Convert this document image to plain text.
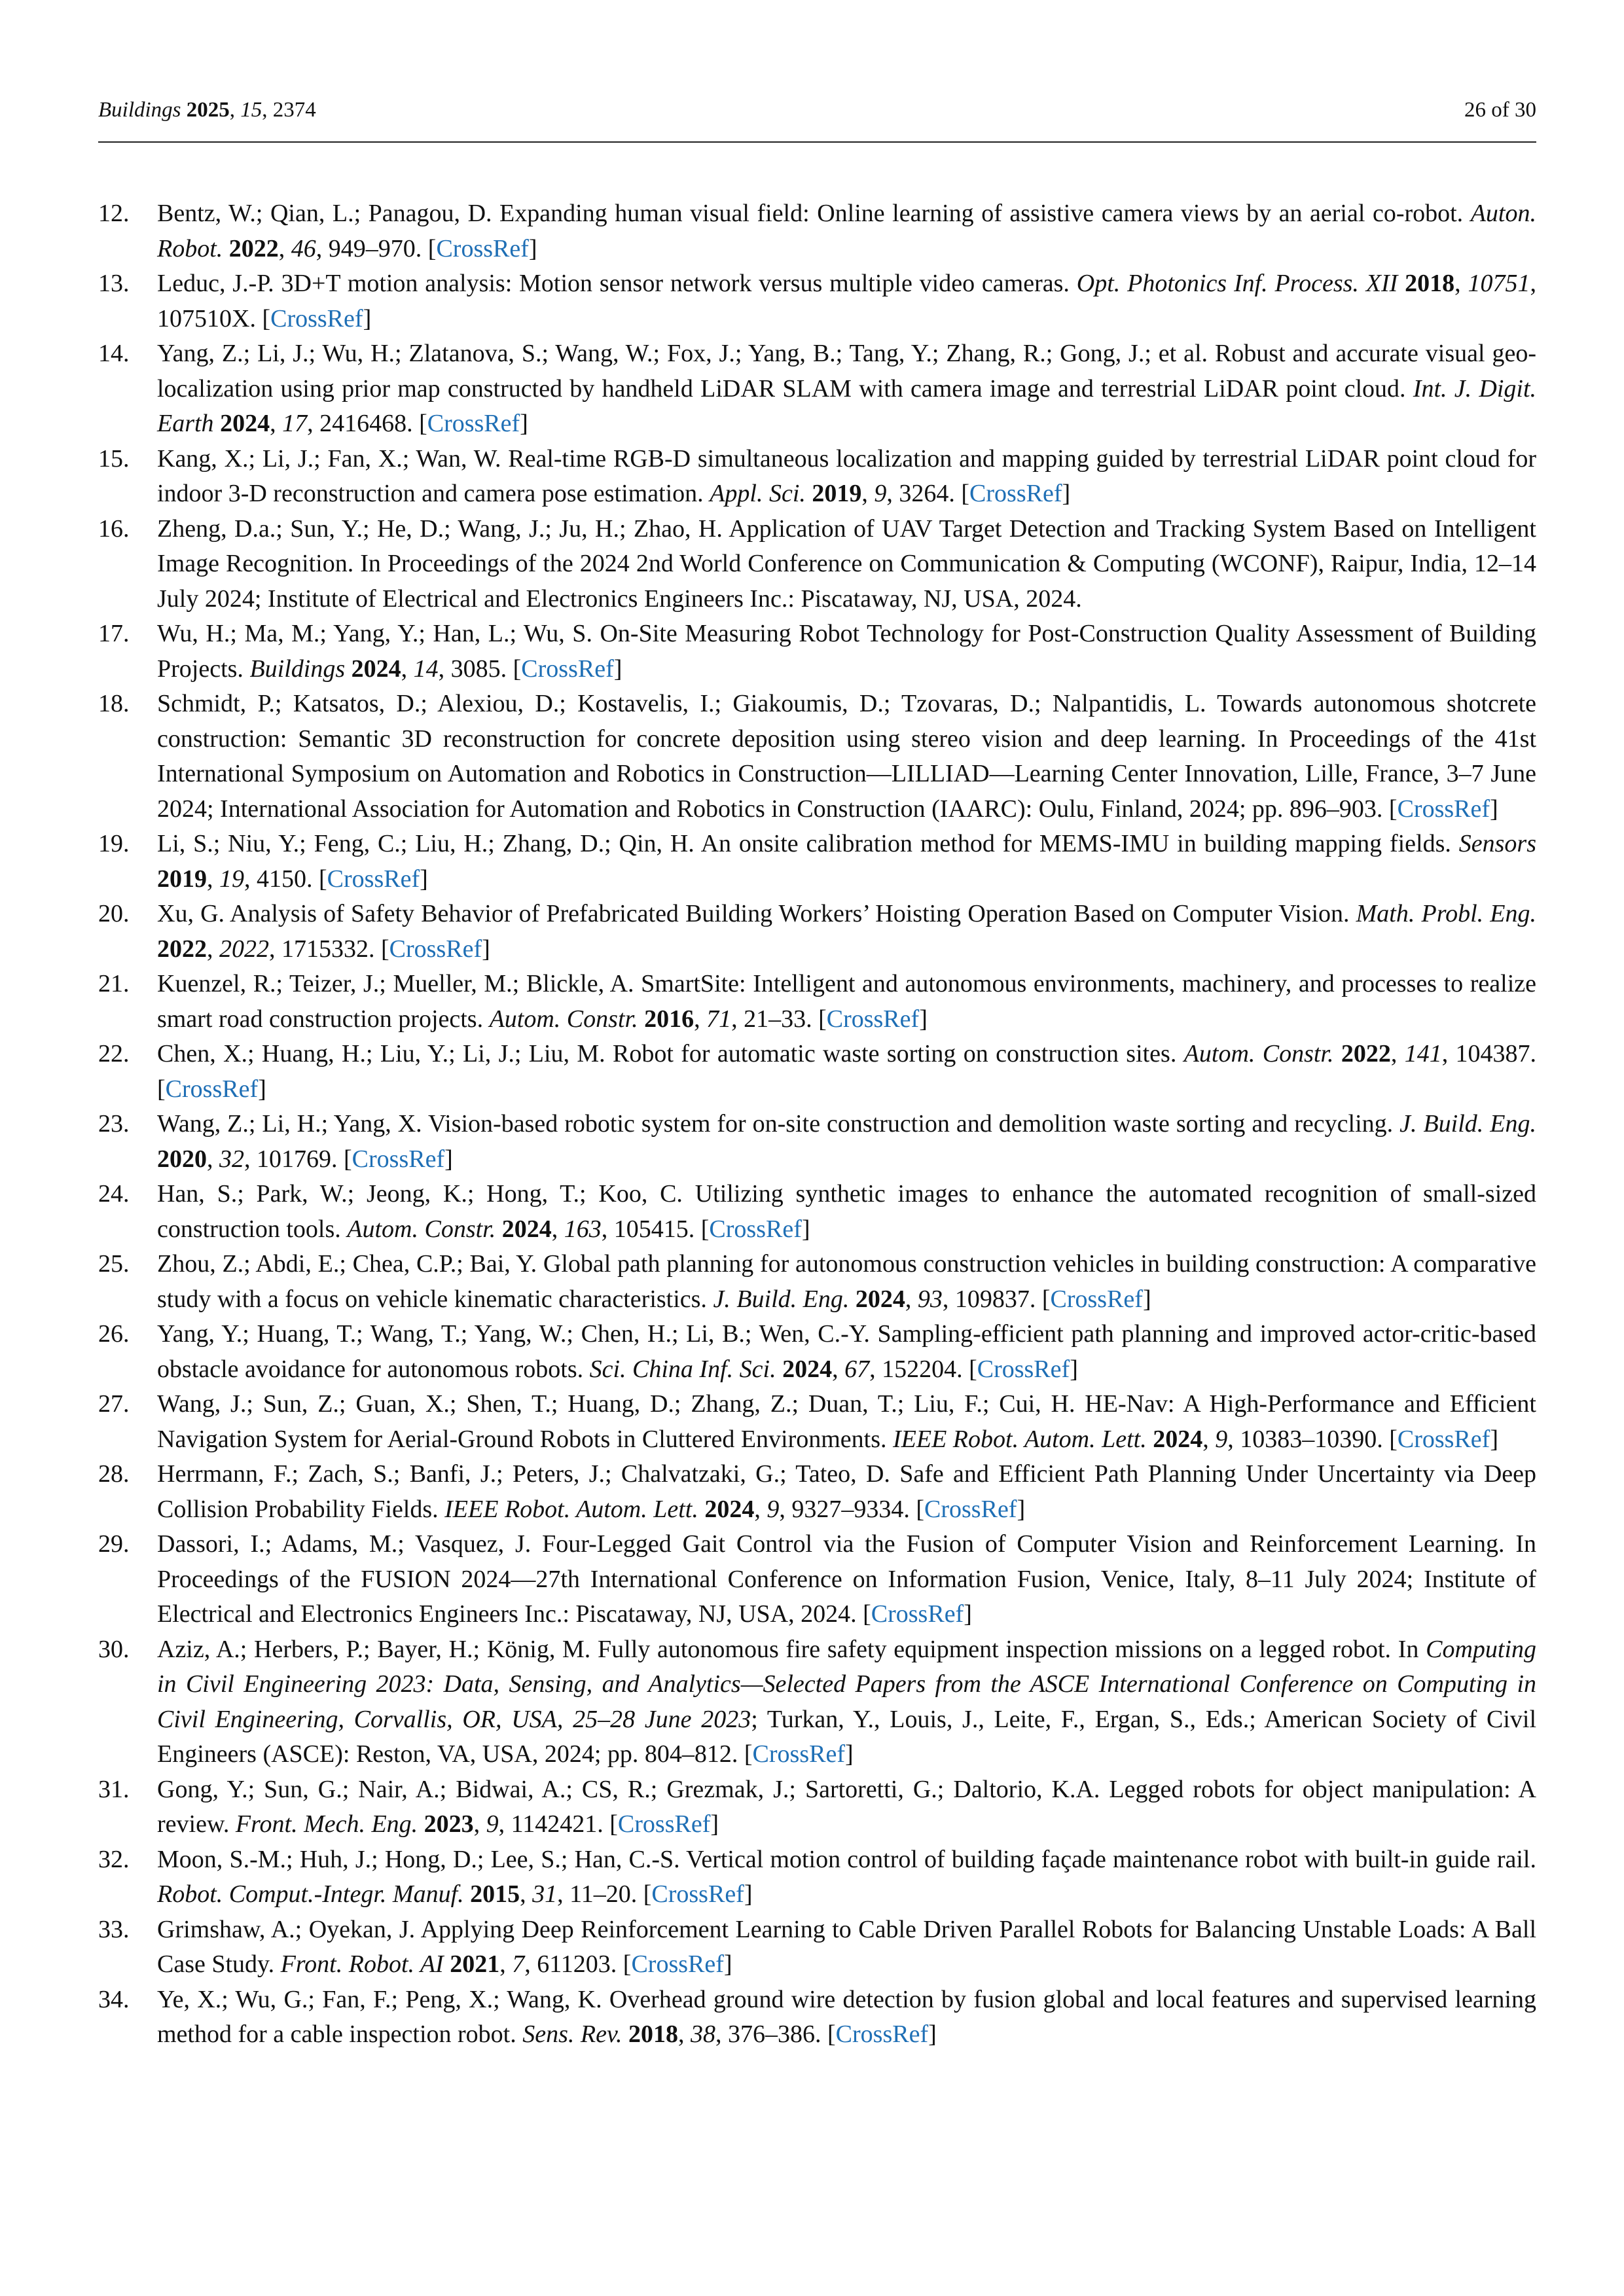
Buildings 2025, 15, 2374	26 of 30
12. Bentz, W.; Qian, L.; Panagou, D. Expanding human visual field: Online learning of assistive camera views by an aerial co-robot. Auton. Robot. 2022, 46, 949–970. [CrossRef]
13. Leduc, J.-P. 3D+T motion analysis: Motion sensor network versus multiple video cameras. Opt. Photonics Inf. Process. XII 2018, 10751, 107510X. [CrossRef]
14. Yang, Z.; Li, J.; Wu, H.; Zlatanova, S.; Wang, W.; Fox, J.; Yang, B.; Tang, Y.; Zhang, R.; Gong, J.; et al. Robust and accurate visual geo-localization using prior map constructed by handheld LiDAR SLAM with camera image and terrestrial LiDAR point cloud. Int. J. Digit. Earth 2024, 17, 2416468. [CrossRef]
15. Kang, X.; Li, J.; Fan, X.; Wan, W. Real-time RGB-D simultaneous localization and mapping guided by terrestrial LiDAR point cloud for indoor 3-D reconstruction and camera pose estimation. Appl. Sci. 2019, 9, 3264. [CrossRef]
16. Zheng, D.a.; Sun, Y.; He, D.; Wang, J.; Ju, H.; Zhao, H. Application of UAV Target Detection and Tracking System Based on Intelligent Image Recognition. In Proceedings of the 2024 2nd World Conference on Communication & Computing (WCONF), Raipur, India, 12–14 July 2024; Institute of Electrical and Electronics Engineers Inc.: Piscataway, NJ, USA, 2024.
17. Wu, H.; Ma, M.; Yang, Y.; Han, L.; Wu, S. On-Site Measuring Robot Technology for Post-Construction Quality Assessment of Building Projects. Buildings 2024, 14, 3085. [CrossRef]
18. Schmidt, P.; Katsatos, D.; Alexiou, D.; Kostavelis, I.; Giakoumis, D.; Tzovaras, D.; Nalpantidis, L. Towards autonomous shotcrete construction: Semantic 3D reconstruction for concrete deposition using stereo vision and deep learning. In Proceedings of the 41st International Symposium on Automation and Robotics in Construction—LILLIAD—Learning Center Innovation, Lille, France, 3–7 June 2024; International Association for Automation and Robotics in Construction (IAARC): Oulu, Finland, 2024; pp. 896–903. [CrossRef]
19. Li, S.; Niu, Y.; Feng, C.; Liu, H.; Zhang, D.; Qin, H. An onsite calibration method for MEMS-IMU in building mapping fields. Sensors 2019, 19, 4150. [CrossRef]
20. Xu, G. Analysis of Safety Behavior of Prefabricated Building Workers’ Hoisting Operation Based on Computer Vision. Math. Probl. Eng. 2022, 2022, 1715332. [CrossRef]
21. Kuenzel, R.; Teizer, J.; Mueller, M.; Blickle, A. SmartSite: Intelligent and autonomous environments, machinery, and processes to realize smart road construction projects. Autom. Constr. 2016, 71, 21–33. [CrossRef]
22. Chen, X.; Huang, H.; Liu, Y.; Li, J.; Liu, M. Robot for automatic waste sorting on construction sites. Autom. Constr. 2022, 141, 104387. [CrossRef]
23. Wang, Z.; Li, H.; Yang, X. Vision-based robotic system for on-site construction and demolition waste sorting and recycling. J. Build. Eng. 2020, 32, 101769. [CrossRef]
24. Han, S.; Park, W.; Jeong, K.; Hong, T.; Koo, C. Utilizing synthetic images to enhance the automated recognition of small-sized construction tools. Autom. Constr. 2024, 163, 105415. [CrossRef]
25. Zhou, Z.; Abdi, E.; Chea, C.P.; Bai, Y. Global path planning for autonomous construction vehicles in building construction: A comparative study with a focus on vehicle kinematic characteristics. J. Build. Eng. 2024, 93, 109837. [CrossRef]
26. Yang, Y.; Huang, T.; Wang, T.; Yang, W.; Chen, H.; Li, B.; Wen, C.-Y. Sampling-efficient path planning and improved actor-critic-based obstacle avoidance for autonomous robots. Sci. China Inf. Sci. 2024, 67, 152204. [CrossRef]
27. Wang, J.; Sun, Z.; Guan, X.; Shen, T.; Huang, D.; Zhang, Z.; Duan, T.; Liu, F.; Cui, H. HE-Nav: A High-Performance and Efficient Navigation System for Aerial-Ground Robots in Cluttered Environments. IEEE Robot. Autom. Lett. 2024, 9, 10383–10390. [CrossRef]
28. Herrmann, F.; Zach, S.; Banfi, J.; Peters, J.; Chalvatzaki, G.; Tateo, D. Safe and Efficient Path Planning Under Uncertainty via Deep Collision Probability Fields. IEEE Robot. Autom. Lett. 2024, 9, 9327–9334. [CrossRef]
29. Dassori, I.; Adams, M.; Vasquez, J. Four-Legged Gait Control via the Fusion of Computer Vision and Reinforcement Learning. In Proceedings of the FUSION 2024—27th International Conference on Information Fusion, Venice, Italy, 8–11 July 2024; Institute of Electrical and Electronics Engineers Inc.: Piscataway, NJ, USA, 2024. [CrossRef]
30. Aziz, A.; Herbers, P.; Bayer, H.; König, M. Fully autonomous fire safety equipment inspection missions on a legged robot. In Computing in Civil Engineering 2023: Data, Sensing, and Analytics—Selected Papers from the ASCE International Conference on Computing in Civil Engineering, Corvallis, OR, USA, 25–28 June 2023; Turkan, Y., Louis, J., Leite, F., Ergan, S., Eds.; American Society of Civil Engineers (ASCE): Reston, VA, USA, 2024; pp. 804–812. [CrossRef]
31. Gong, Y.; Sun, G.; Nair, A.; Bidwai, A.; CS, R.; Grezmak, J.; Sartoretti, G.; Daltorio, K.A. Legged robots for object manipulation: A review. Front. Mech. Eng. 2023, 9, 1142421. [CrossRef]
32. Moon, S.-M.; Huh, J.; Hong, D.; Lee, S.; Han, C.-S. Vertical motion control of building façade maintenance robot with built-in guide rail. Robot. Comput.-Integr. Manuf. 2015, 31, 11–20. [CrossRef]
33. Grimshaw, A.; Oyekan, J. Applying Deep Reinforcement Learning to Cable Driven Parallel Robots for Balancing Unstable Loads: A Ball Case Study. Front. Robot. AI 2021, 7, 611203. [CrossRef]
34. Ye, X.; Wu, G.; Fan, F.; Peng, X.; Wang, K. Overhead ground wire detection by fusion global and local features and supervised learning method for a cable inspection robot. Sens. Rev. 2018, 38, 376–386. [CrossRef]
